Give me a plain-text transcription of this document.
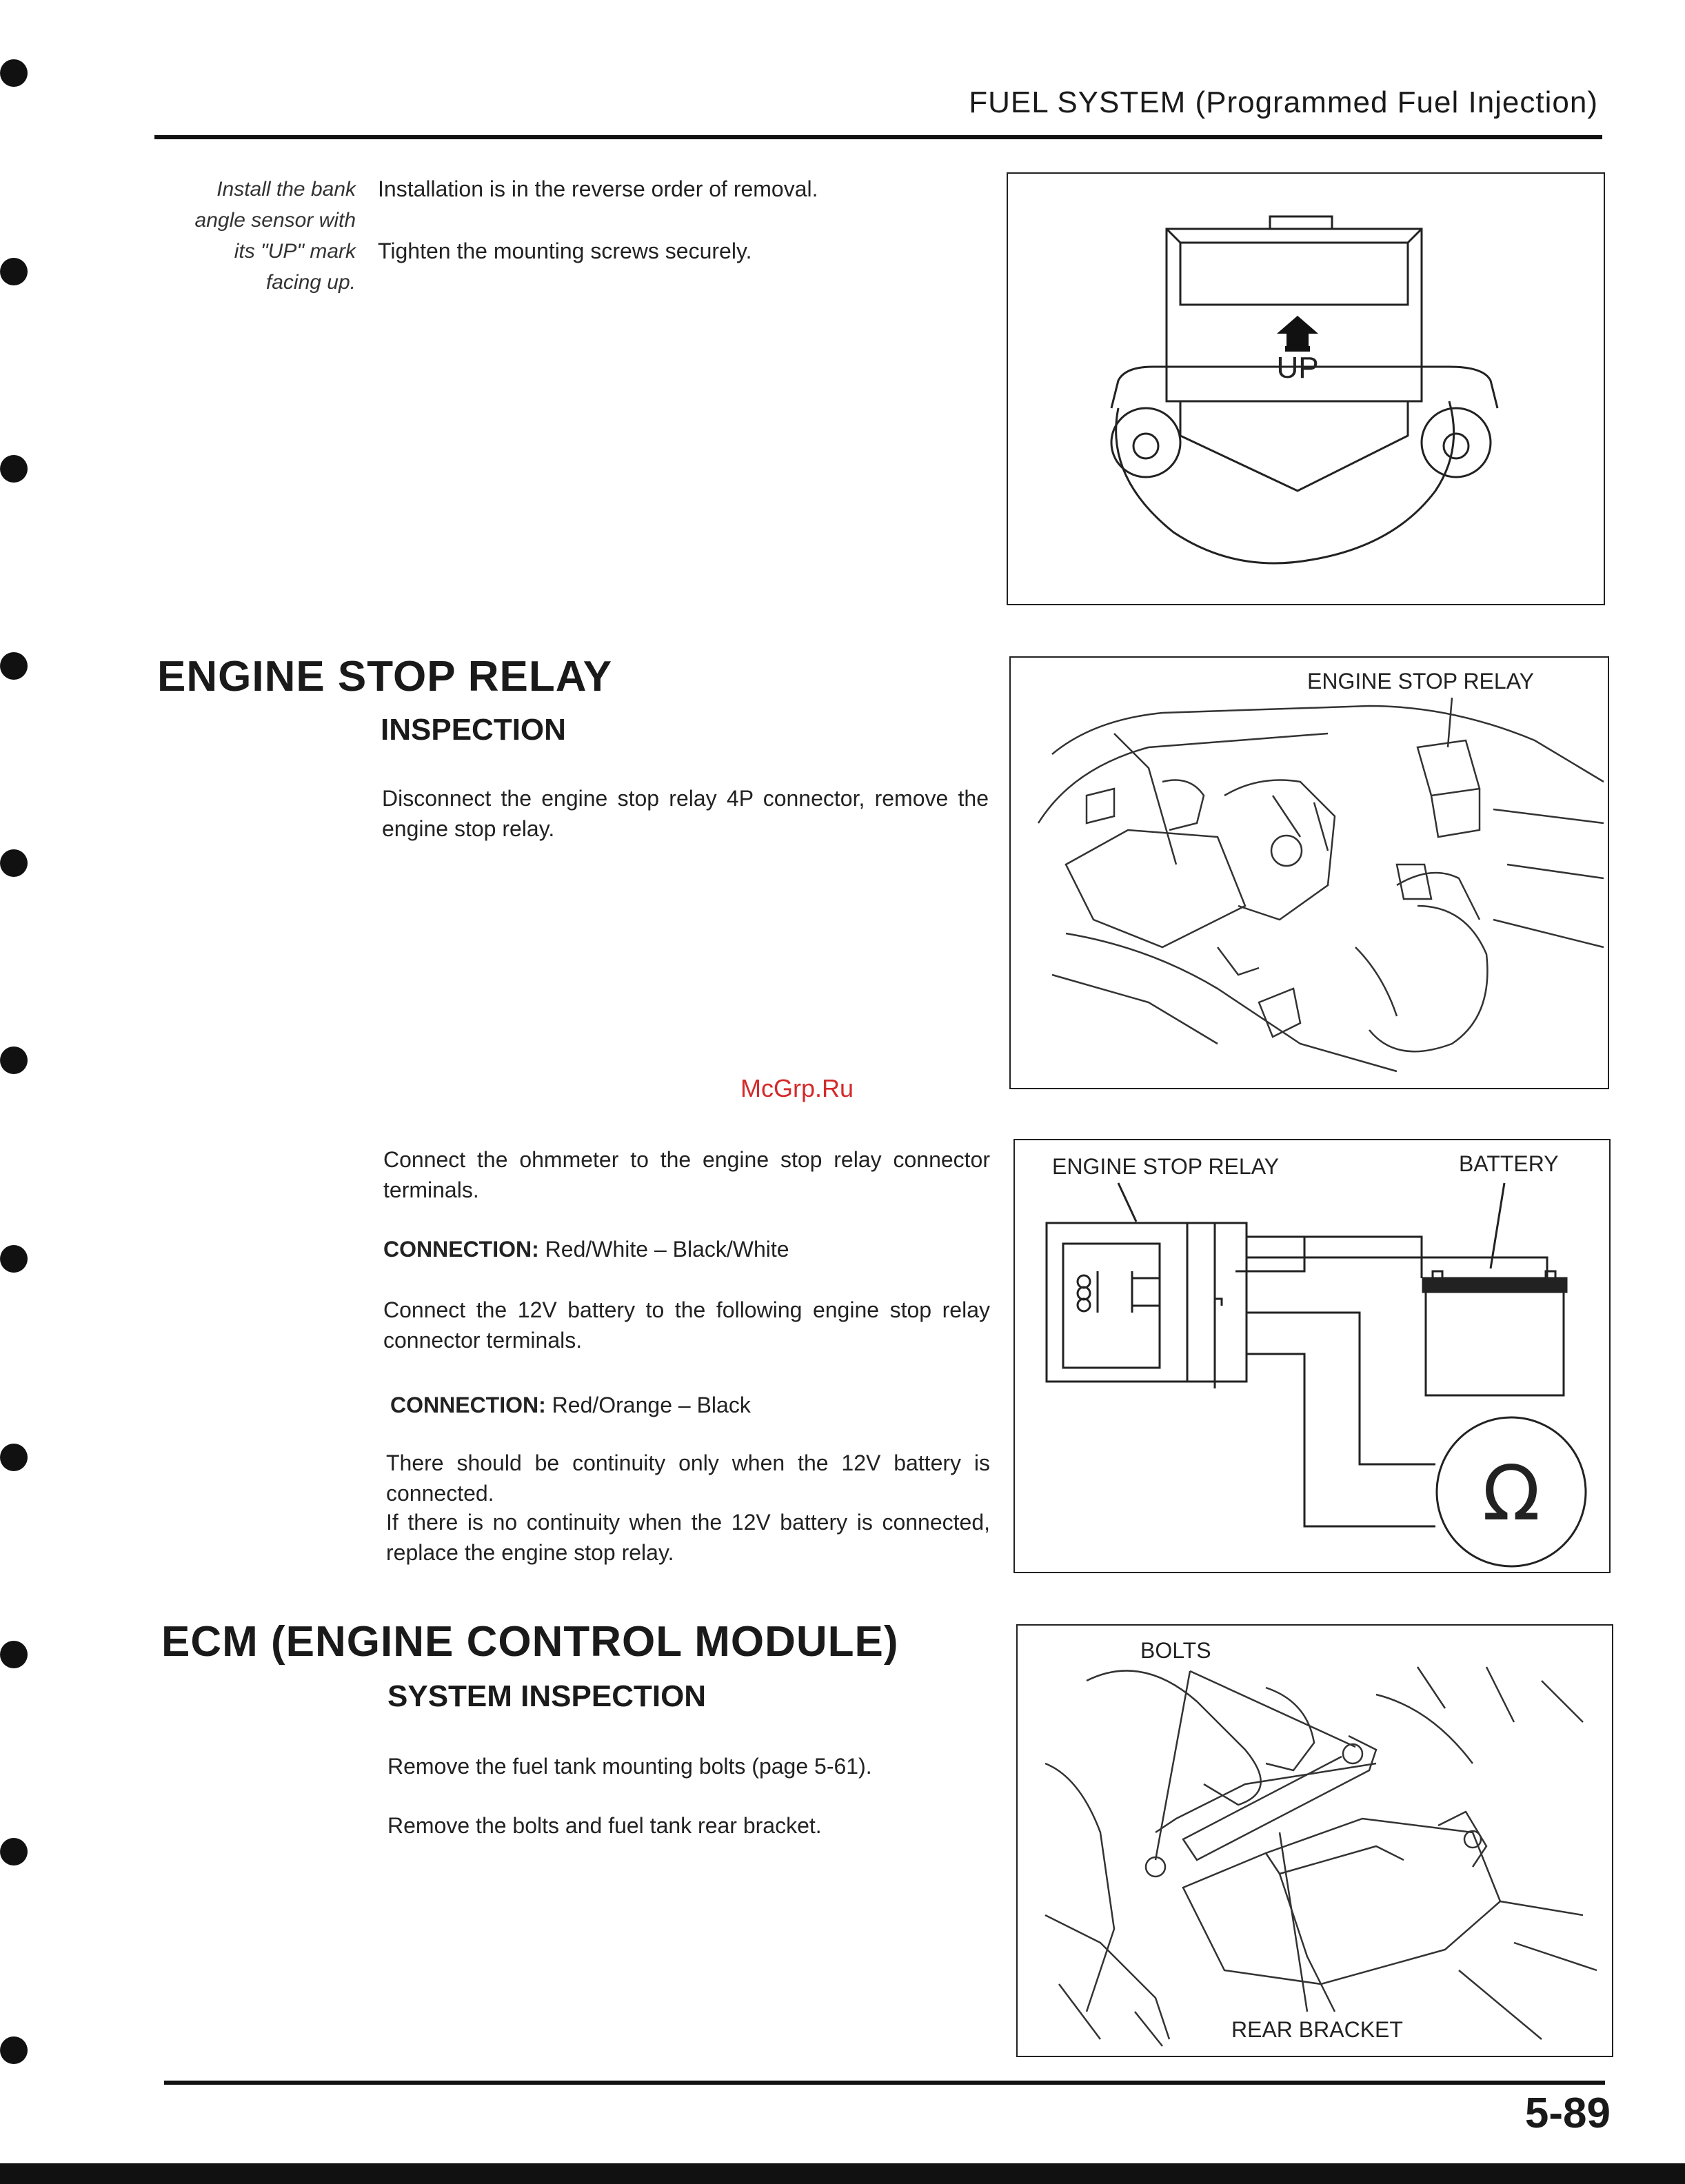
FUEL SYSTEM (Programmed Fuel Injection)
Install the bank
angle sensor with
its "UP" mark
facing up.
Installation is in the reverse order of removal.
Tighten the mounting screws securely.
UP
ENGINE STOP RELAY
INSPECTION
Disconnect the engine stop relay 4P connector, remove the engine stop relay.
ENGINE STOP RELAY
McGrp.Ru
Connect the ohmmeter to the engine stop relay connector terminals.
CONNECTION: Red/White – Black/White
Connect the 12V battery to the following engine stop relay connector terminals.
CONNECTION: Red/Orange – Black
There should be continuity only when the 12V battery is connected.
If there is no continuity when the 12V battery is connected, replace the engine stop relay.
ENGINE STOP RELAY	BATTERY
Ω
ECM (ENGINE CONTROL MODULE)
SYSTEM INSPECTION
Remove the fuel tank mounting bolts (page 5-61).
Remove the bolts and fuel tank rear bracket.
BOLTS
REAR BRACKET
5-89
